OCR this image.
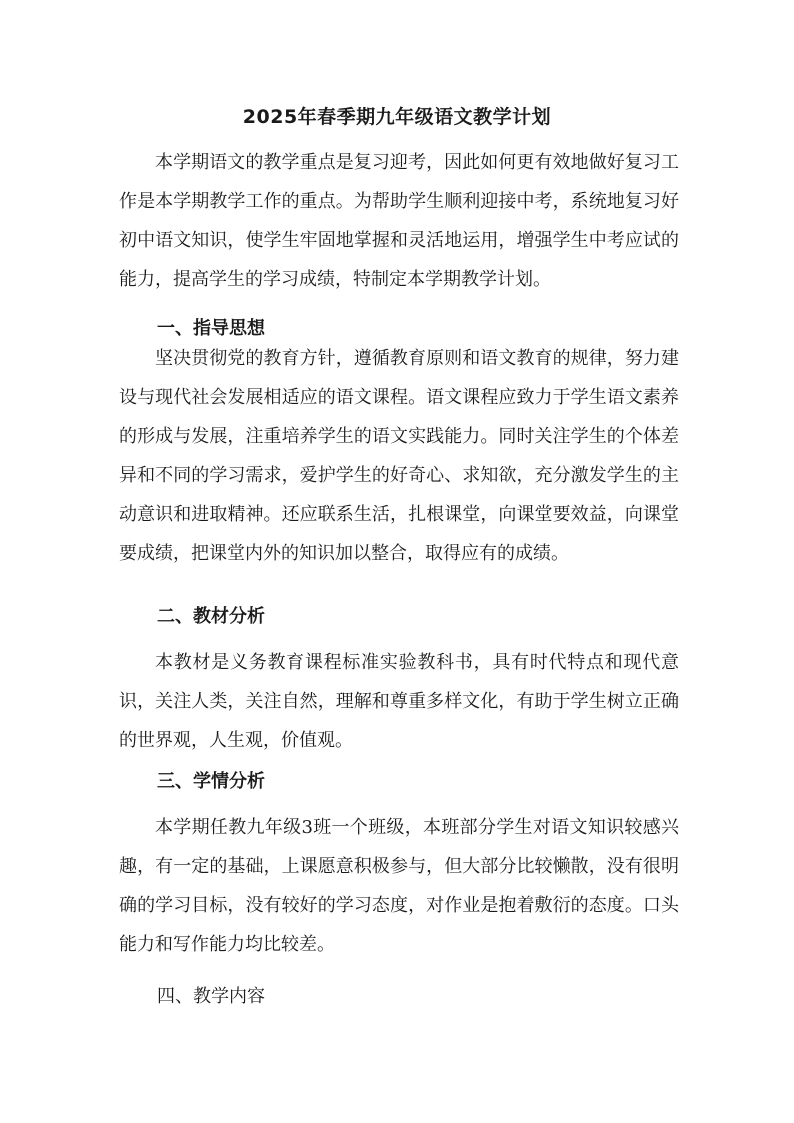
2025年春季期九年级语文教学计划

本学期语文的教学重点是复习迎考，因此如何更有效地做好复习工作是本学期教学工作的重点。为帮助学生顺利迎接中考，系统地复习好初中语文知识，使学生牢固地掌握和灵活地运用，增强学生中考应试的能力，提高学生的学习成绩，特制定本学期教学计划。

一、指导思想

坚决贯彻党的教育方针，遵循教育原则和语文教育的规律，努力建设与现代社会发展相适应的语文课程。语文课程应致力于学生语文素养的形成与发展，注重培养学生的语文实践能力。同时关注学生的个体差异和不同的学习需求，爱护学生的好奇心、求知欲，充分激发学生的主动意识和进取精神。还应联系生活，扎根课堂，向课堂要效益，向课堂要成绩，把课堂内外的知识加以整合，取得应有的成绩。

二、教材分析

本教材是义务教育课程标准实验教科书，具有时代特点和现代意识，关注人类，关注自然，理解和尊重多样文化，有助于学生树立正确的世界观，人生观，价值观。

三、学情分析

本学期任教九年级3班一个班级，本班部分学生对语文知识较感兴趣，有一定的基础，上课愿意积极参与，但大部分比较懒散，没有很明确的学习目标，没有较好的学习态度，对作业是抱着敷衍的态度。口头能力和写作能力均比较差。

四、教学内容
